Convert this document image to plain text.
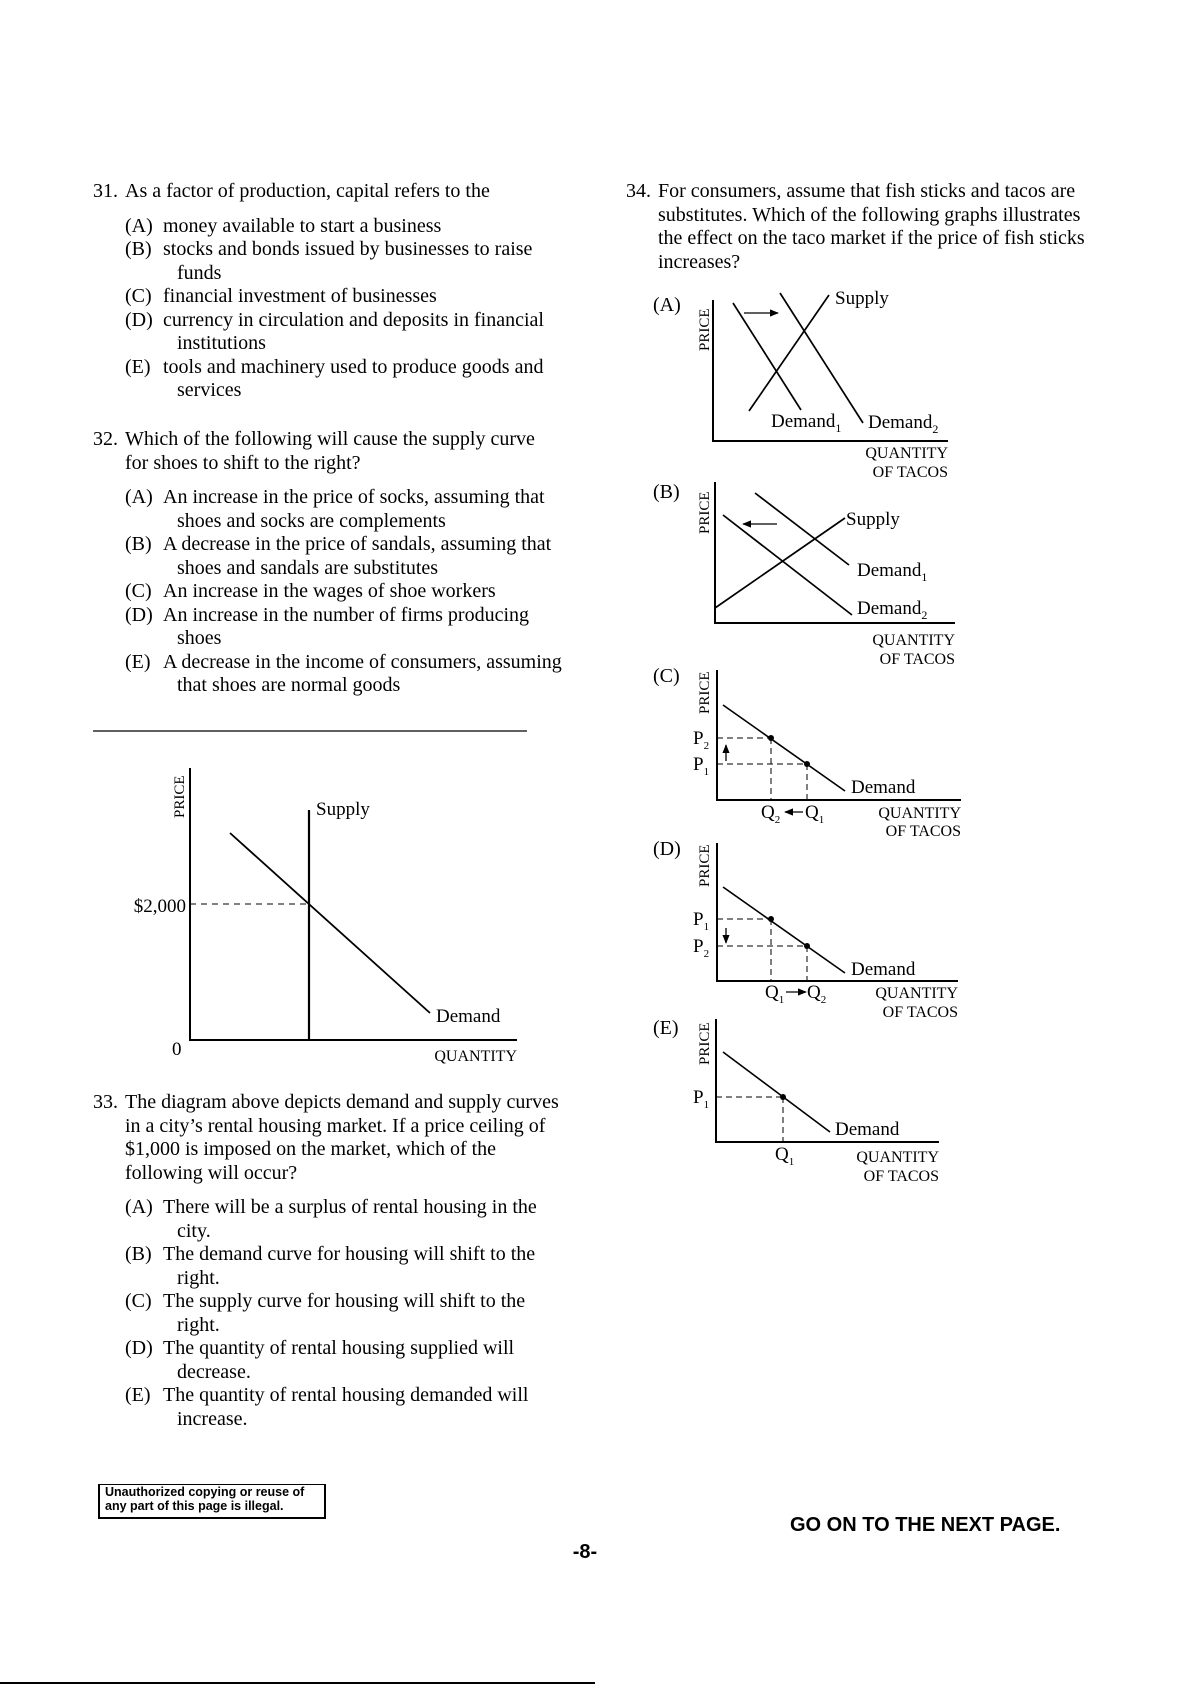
31. As a factor of production, capital refers to the
(A) money available to start a business
(B) stocks and bonds issued by businesses to raise funds
(C) financial investment of businesses
(D) currency in circulation and deposits in financial institutions
(E) tools and machinery used to produce goods and services
32. Which of the following will cause the supply curve for shoes to shift to the right?
(A) An increase in the price of socks, assuming that shoes and socks are complements
(B) A decrease in the price of sandals, assuming that shoes and sandals are substitutes
(C) An increase in the wages of shoe workers
(D) An increase in the number of firms producing shoes
(E) A decrease in the income of consumers, assuming that shoes are normal goods
33. The diagram above depicts demand and supply curves in a city’s rental housing market. If a price ceiling of $1,000 is imposed on the market, which of the following will occur?
(A) There will be a surplus of rental housing in the city.
(B) The demand curve for housing will shift to the right.
(C) The supply curve for housing will shift to the right.
(D) The quantity of rental housing supplied will decrease.
(E) The quantity of rental housing demanded will increase.
34. For consumers, assume that fish sticks and tacos are substitutes. Which of the following graphs illustrates the effect on the taco market if the price of fish sticks increases?
PRICE
$2,000
0
Supply
Demand
QUANTITY
(A)
PRICE
Supply
Demand$_1$ Demand$_2$
QUANTITY
OF TACOS
(B) PRICE	Supply
Demand$_1$
Demand$_2$
QUANTITY
OF TACOS
(C) PRICE
$P_2$
$P_1$
$Q_2$ $Q_1$
Demand
QUANTITY
OF TACOS
(D) PRICE
$P_1$
$P_2$
$Q_1$ $Q_2$
Demand
QUANTITY
OF TACOS
(E) PRICE
$P_1$
$Q_1$
Demand
QUANTITY
OF TACOS
Unauthorized copying or reuse of
any part of this page is illegal.
GO ON TO THE NEXT PAGE.
-8-
